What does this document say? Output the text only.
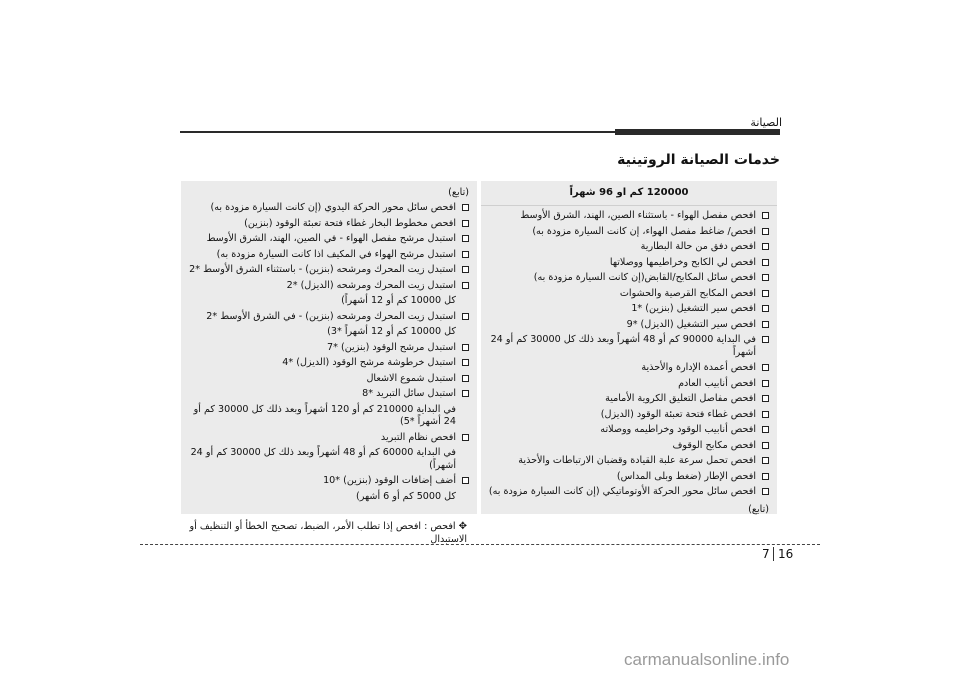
الصيانة
خدمات الصيانة الروتينية
120000 كم او 96 شهراً
افحص مفصل الهواء - باستثناء الصين، الهند، الشرق الأوسط
افحص/ ضاغط مفصل الهواء، إن كانت السيارة مزودة به)
افحص دفق من حالة البطارية
افحص لي الكابح وخراطيمها ووصلاتها
افحص سائل المكابح/القابض(إن كانت السيارة مزودة به)
افحص المكابح القرصية والحشوات
افحص سير التشغيل (بنزين) *1
افحص سير التشغيل (الديزل) *9
في البداية 90000 كم أو 48 أشهراً وبعد ذلك كل 30000 كم أو 24 أشهراً
افحص أعمدة الإدارة والأحذية
افحص أنابيب العادم
افحص مفاصل التعليق الكروية الأمامية
افحص غطاء فتحة تعبئة الوقود (الديزل)
افحص أنابيب الوقود وخراطيمه ووصلاته
افحص مكابح الوقوف
افحص تحمل سرعة علبة القيادة وقضبان الارتباطات والأحذية
افحص الإطار (ضغط وبلى المداس)
افحص سائل محور الحركة الأوتوماتيكي (إن كانت السيارة مزودة به)
(تابع)
(تابع)
افحص سائل محور الحركة اليدوي (إن كانت السيارة مزودة به)
افحص مخطوط البخار غطاء فتحة تعبئة الوقود (بنزين)
استبدل مرشح مفصل الهواء - في الصين، الهند، الشرق الأوسط
استبدل مرشح الهواء في المكيف اذا كانت السيارة مزودة به)
استبدل زيت المحرك ومرشحه (بنزين) - باستثناء الشرق الأوسط *2
استبدل زيت المحرك ومرشحه (الديزل) *2
كل 10000 كم أو 12 أشهراً)
استبدل زيت المحرك ومرشحه (بنزين) - في الشرق الأوسط *2
كل 10000 كم أو 12 أشهراً *3)
استبدل مرشح الوقود (بنزين) *7
استبدل خرطوشة مرشح الوقود (الديزل) *4
استبدل شموع الاشعال
استبدل سائل التبريد *8
في البداية 210000 كم أو 120 أشهراً وبعد ذلك كل 30000 كم أو 24 أشهراً *5)
افحص نظام التبريد
في البداية 60000 كم أو 48 أشهراً وبعد ذلك كل 30000 كم أو 24 أشهراً)
أضف إضافات الوقود (بنزين) *10
كل 5000 كم أو 6 أشهر)
✥افحص : افحص إذا تطلب الأمر، الضبط، تصحيح الخطأ أو التنظيف أو الاستبدال
7 16
carmanualsonline.info
